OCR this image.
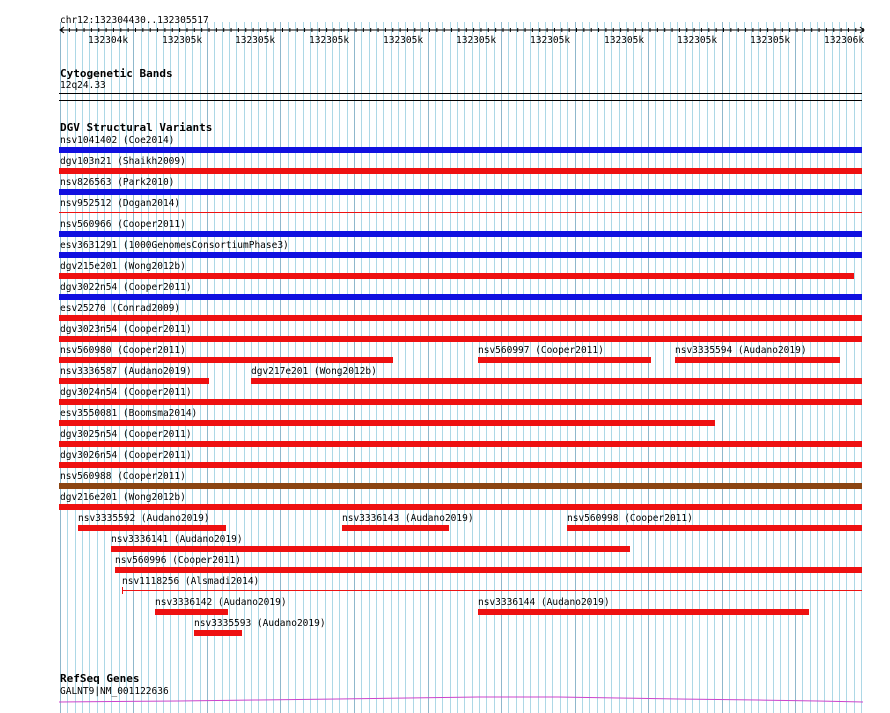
chr12:132304430..132305517
132304k	132305k	132305k	132305k	132305k	132305k	132305k	132305k	132305k	132305k	132306k
Cytogenetic Bands
12q24.33
DGV Structural Variants
nsv1041402 (Coe2014)
dgv103n21 (Shaikh2009)
nsv826563 (Park2010)
nsv952512 (Dogan2014)
nsv560966 (Cooper2011)
esv3631291 (1000GenomesConsortiumPhase3)
dgv215e201 (Wong2012b)
dgv3022n54 (Cooper2011)
esv25270 (Conrad2009)
dgv3023n54 (Cooper2011)
nsv560980 (Cooper2011)	nsv560997 (Cooper2011)	nsv3335594 (Audano2019)
nsv3336587 (Audano2019)	dgv217e201 (Wong2012b)
dgv3024n54 (Cooper2011)
esv3550081 (Boomsma2014)
dgv3025n54 (Cooper2011)
dgv3026n54 (Cooper2011)
nsv560988 (Cooper2011)
dgv216e201 (Wong2012b)
nsv3335592 (Audano2019)	nsv3336143 (Audano2019)	nsv560998 (Cooper2011)
nsv3336141 (Audano2019)
nsv560996 (Cooper2011)
nsv1118256 (Alsmadi2014)
nsv3336142 (Audano2019)	nsv3336144 (Audano2019)
nsv3335593 (Audano2019)
RefSeq Genes
GALNT9|NM_001122636
